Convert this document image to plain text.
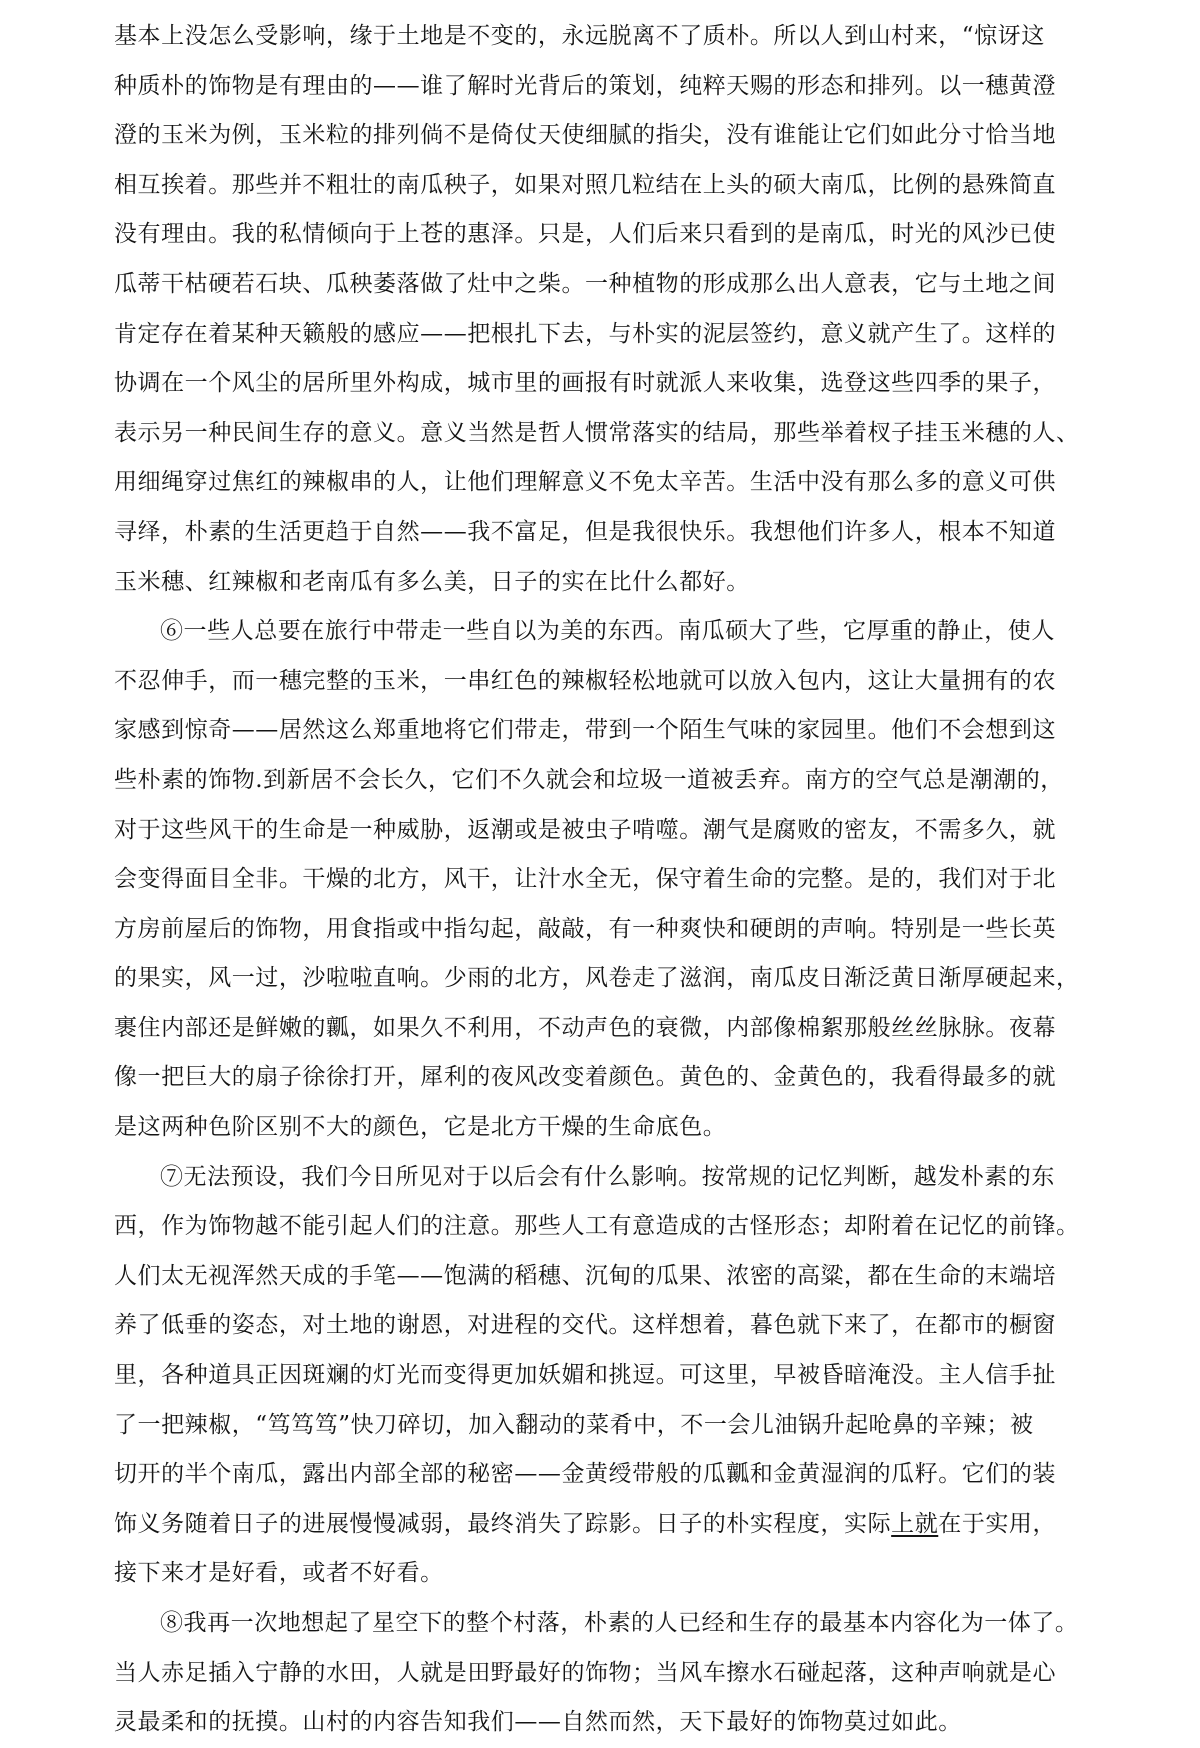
基本上没怎么受影响，缘于土地是不变的，永远脱离不了质朴。所以人到山村来，“惊讶这
种质朴的饰物是有理由的——谁了解时光背后的策划，纯粹天赐的形态和排列。以一穗黄澄
澄的玉米为例，玉米粒的排列倘不是倚仗天使细腻的指尖，没有谁能让它们如此分寸恰当地
相互挨着。那些并不粗壮的南瓜秧子，如果对照几粒结在上头的硕大南瓜，比例的悬殊简直
没有理由。我的私情倾向于上苍的惠泽。只是，人们后来只看到的是南瓜，时光的风沙已使
瓜蒂干枯硬若石块、瓜秧萎落做了灶中之柴。一种植物的形成那么出人意表，它与土地之间
肯定存在着某种天籁般的感应——把根扎下去，与朴实的泥层签约，意义就产生了。这样的
协调在一个风尘的居所里外构成，城市里的画报有时就派人来收集，选登这些四季的果子，
表示另一种民间生存的意义。意义当然是哲人惯常落实的结局，那些举着杈子挂玉米穗的人、
用细绳穿过焦红的辣椒串的人，让他们理解意义不免太辛苦。生活中没有那么多的意义可供
寻绎，朴素的生活更趋于自然——我不富足，但是我很快乐。我想他们许多人，根本不知道
玉米穗、红辣椒和老南瓜有多么美，日子的实在比什么都好。
⑥一些人总要在旅行中带走一些自以为美的东西。南瓜硕大了些，它厚重的静止，使人
不忍伸手，而一穗完整的玉米，一串红色的辣椒轻松地就可以放入包内，这让大量拥有的农
家感到惊奇——居然这么郑重地将它们带走，带到一个陌生气味的家园里。他们不会想到这
些朴素的饰物.到新居不会长久，它们不久就会和垃圾一道被丢弃。南方的空气总是潮潮的，
对于这些风干的生命是一种威胁，返潮或是被虫子啃噬。潮气是腐败的密友，不需多久，就
会变得面目全非。干燥的北方，风干，让汁水全无，保守着生命的完整。是的，我们对于北
方房前屋后的饰物，用食指或中指勾起，敲敲，有一种爽快和硬朗的声响。特别是一些长英
的果实，风一过，沙啦啦直响。少雨的北方，风卷走了滋润，南瓜皮日渐泛黄日渐厚硬起来，
裹住内部还是鲜嫩的瓤，如果久不利用，不动声色的衰微，内部像棉絮那般丝丝脉脉。夜幕
像一把巨大的扇子徐徐打开，犀利的夜风改变着颜色。黄色的、金黄色的，我看得最多的就
是这两种色阶区别不大的颜色，它是北方干燥的生命底色。
⑦无法预设，我们今日所见对于以后会有什么影响。按常规的记忆判断，越发朴素的东
西，作为饰物越不能引起人们的注意。那些人工有意造成的古怪形态；却附着在记忆的前锋。
人们太无视浑然天成的手笔——饱满的稻穗、沉甸的瓜果、浓密的高粱，都在生命的末端培
养了低垂的姿态，对土地的谢恩，对进程的交代。这样想着，暮色就下来了，在都市的橱窗
里，各种道具正因斑斓的灯光而变得更加妖媚和挑逗。可这里，早被昏暗淹没。主人信手扯
了一把辣椒，“笃笃笃”快刀碎切，加入翻动的菜肴中，不一会儿油锅升起呛鼻的辛辣；被
切开的半个南瓜，露出内部全部的秘密——金黄绶带般的瓜瓤和金黄湿润的瓜籽。它们的装
饰义务随着日子的进展慢慢减弱，最终消失了踪影。日子的朴实程度，实际上就在于实用，
接下来才是好看，或者不好看。
⑧我再一次地想起了星空下的整个村落，朴素的人已经和生存的最基本内容化为一体了。
当人赤足插入宁静的水田，人就是田野最好的饰物；当风车擦水石碰起落，这种声响就是心
灵最柔和的抚摸。山村的内容告知我们——自然而然，天下最好的饰物莫过如此。
